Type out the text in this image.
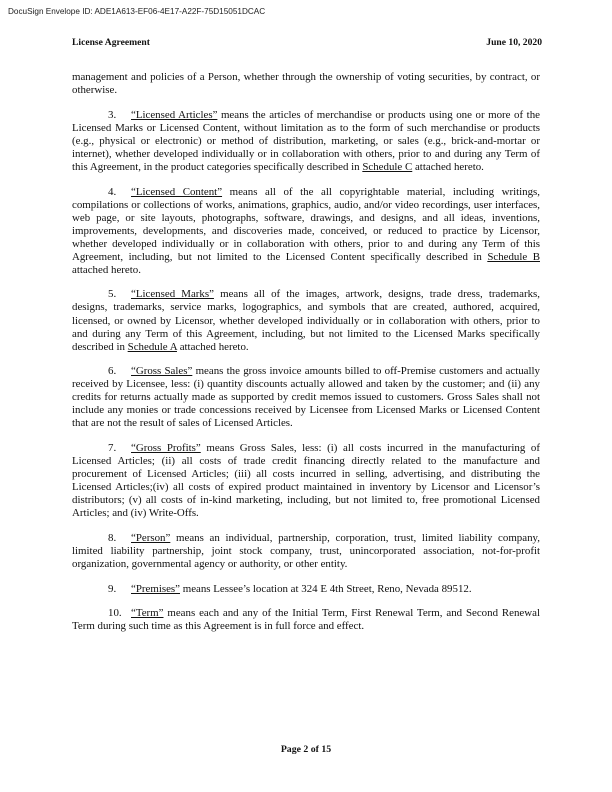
DocuSign Envelope ID: ADE1A613-EF06-4E17-A22F-75D15051DCAC
License Agreement	June 10, 2020

management and policies of a Person, whether through the ownership of voting securities, by contract, or otherwise.

3. “Licensed Articles” means the articles of merchandise or products using one or more of the Licensed Marks or Licensed Content, without limitation as to the form of such merchandise or products (e.g., physical or electronic) or method of distribution, marketing, or sales (e.g., brick-and-mortar or internet), whether developed individually or in collaboration with others, prior to and during any Term of this Agreement, in the product categories specifically described in Schedule C attached hereto.

4. “Licensed Content” means all of the all copyrightable material, including writings, compilations or collections of works, animations, graphics, audio, and/or video recordings, user interfaces, web page, or site layouts, photographs, software, drawings, and designs, and all ideas, inventions, improvements, developments, and discoveries made, conceived, or reduced to practice by Licensor, whether developed individually or in collaboration with others, prior to and during any Term of this Agreement, including, but not limited to the Licensed Content specifically described in Schedule B attached hereto.

5. “Licensed Marks” means all of the images, artwork, designs, trade dress, trademarks, designs, trademarks, service marks, logographics, and symbols that are created, authored, acquired, licensed, or owned by Licensor, whether developed individually or in collaboration with others, prior to and during any Term of this Agreement, including, but not limited to the Licensed Marks specifically described in Schedule A attached hereto.

6. “Gross Sales” means the gross invoice amounts billed to off-Premise customers and actually received by Licensee, less: (i) quantity discounts actually allowed and taken by the customer; and (ii) any credits for returns actually made as supported by credit memos issued to customers. Gross Sales shall not include any monies or trade concessions received by Licensee from Licensed Marks or Licensed Content that are not the result of sales of Licensed Articles.

7. “Gross Profits” means Gross Sales, less: (i) all costs incurred in the manufacturing of Licensed Articles; (ii) all costs of trade credit financing directly related to the manufacture and procurement of Licensed Articles; (iii) all costs incurred in selling, advertising, and distributing the Licensed Articles;(iv) all costs of expired product maintained in inventory by Licensor and Licensor’s distributors; (v) all costs of in-kind marketing, including, but not limited to, free promotional Licensed Articles; and (iv) Write-Offs.

8. “Person” means an individual, partnership, corporation, trust, limited liability company, limited liability partnership, joint stock company, trust, unincorporated association, not-for-profit organization, governmental agency or authority, or other entity.

9. “Premises” means Lessee’s location at 324 E 4th Street, Reno, Nevada 89512.

10. “Term” means each and any of the Initial Term, First Renewal Term, and Second Renewal Term during such time as this Agreement is in full force and effect.

Page 2 of 15
